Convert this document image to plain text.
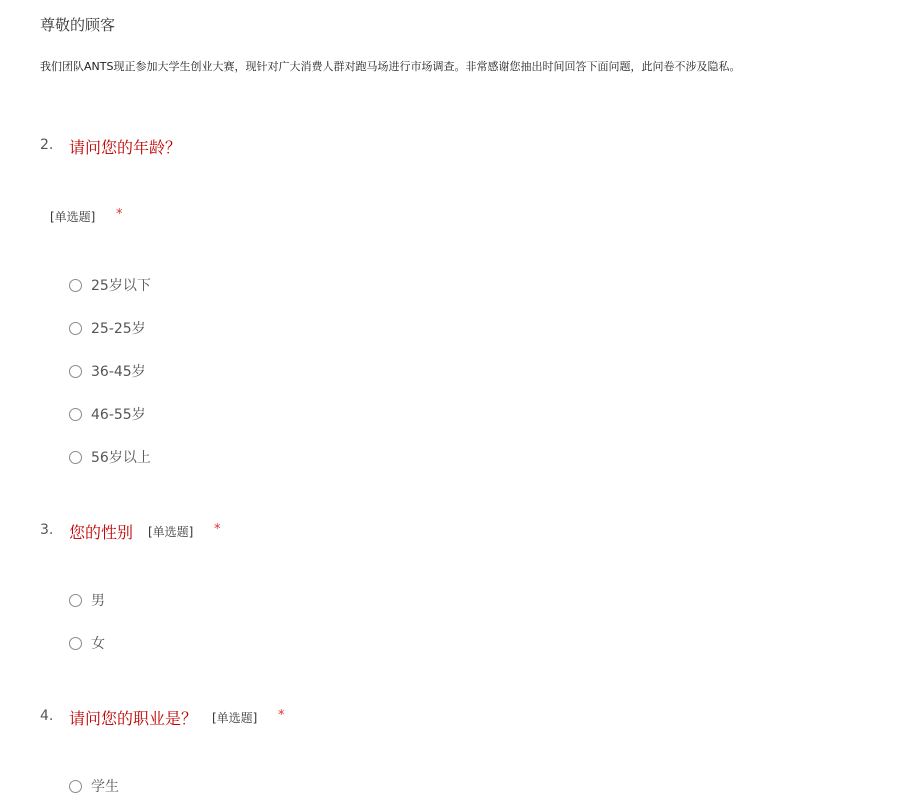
尊敬的顾客
我们团队ANTS现正参加大学生创业大赛，现针对广大消费人群对跑马场进行市场调查。非常感谢您抽出时间回答下面问题，此问卷不涉及隐私。
2. 请问您的年龄？
[单选题] *
25岁以下
25-25岁
36-45岁
46-55岁
56岁以上
3. 您的性别 [单选题] *
男
女
4. 请问您的职业是？ [单选题] *
学生
